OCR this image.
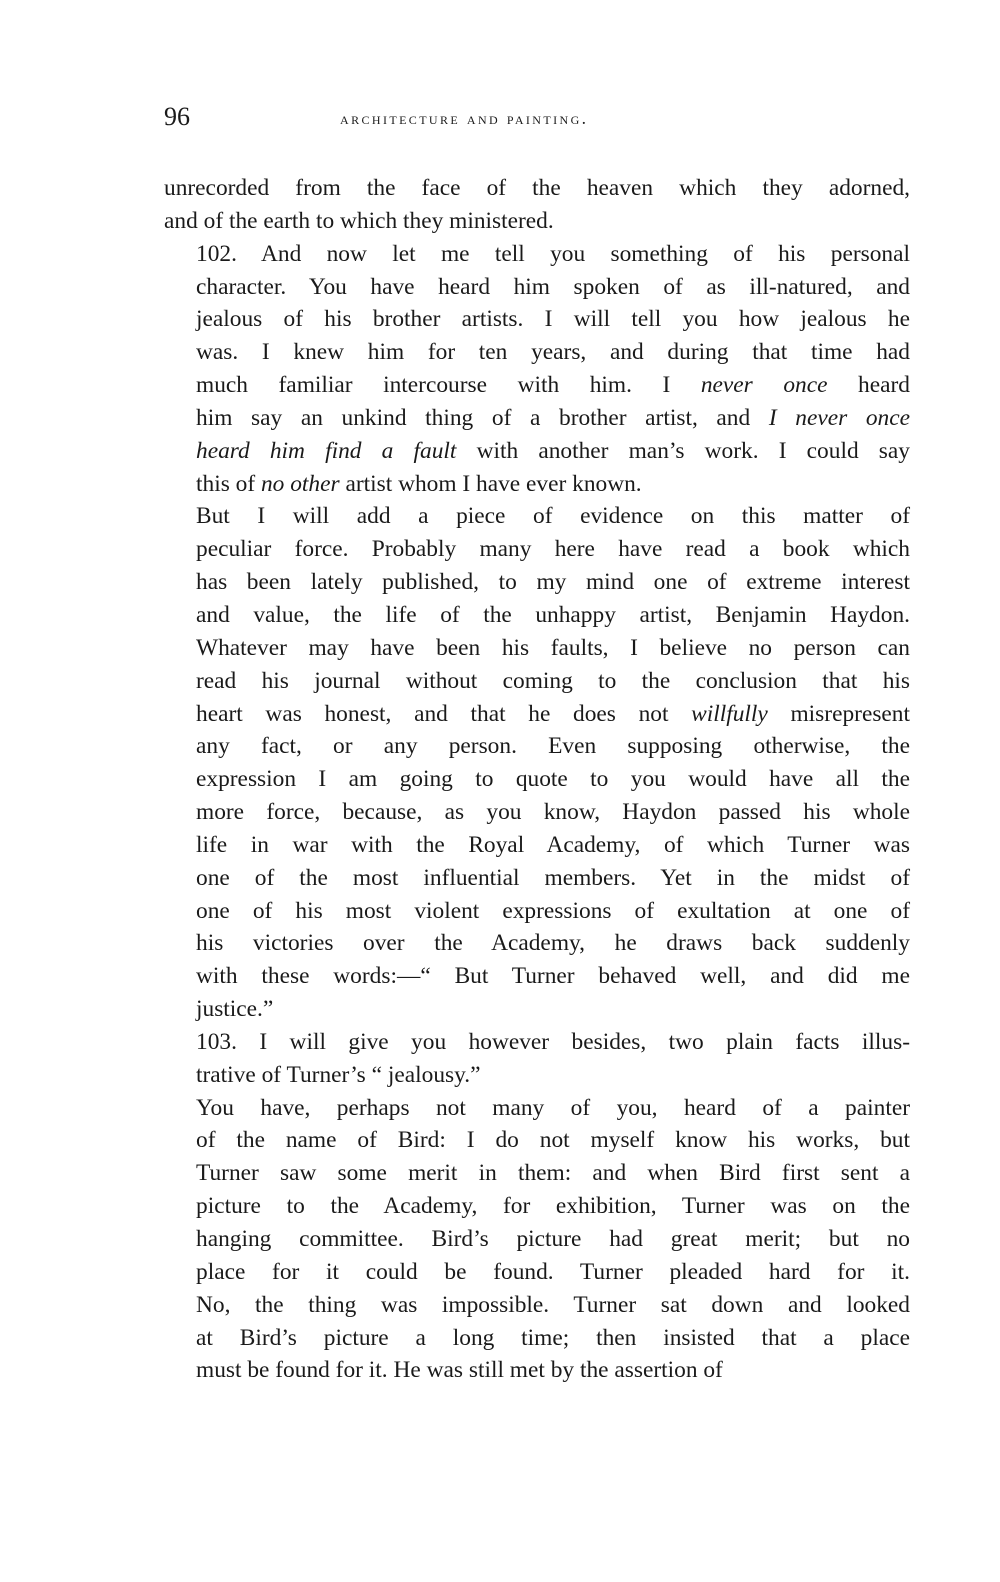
96	architecture and painting.

unrecorded from the face of the heaven which they adorned,
and of the earth to which they ministered.

102. And now let me tell you something of his personal
character. You have heard him spoken of as ill-natured, and
jealous of his brother artists. I will tell you how jealous he
was. I knew him for ten years, and during that time had
much familiar intercourse with him. I never once heard
him say an unkind thing of a brother artist, and I never once
heard him find a fault with another man’s work. I could say
this of no other artist whom I have ever known.

But I will add a piece of evidence on this matter of
peculiar force. Probably many here have read a book which
has been lately published, to my mind one of extreme interest
and value, the life of the unhappy artist, Benjamin Haydon.
Whatever may have been his faults, I believe no person can
read his journal without coming to the conclusion that his
heart was honest, and that he does not willfully misrepresent
any fact, or any person. Even supposing otherwise, the
expression I am going to quote to you would have all the
more force, because, as you know, Haydon passed his whole
life in war with the Royal Academy, of which Turner was
one of the most influential members. Yet in the midst of
one of his most violent expressions of exultation at one of
his victories over the Academy, he draws back suddenly
with these words:—“ But Turner behaved well, and did me
justice.”

103. I will give you however besides, two plain facts illus-
trative of Turner’s “ jealousy.”

You have, perhaps not many of you, heard of a painter
of the name of Bird: I do not myself know his works, but
Turner saw some merit in them: and when Bird first sent a
picture to the Academy, for exhibition, Turner was on the
hanging committee. Bird’s picture had great merit; but no
place for it could be found. Turner pleaded hard for it.
No, the thing was impossible. Turner sat down and looked
at Bird’s picture a long time; then insisted that a place
must be found for it. He was still met by the assertion of
